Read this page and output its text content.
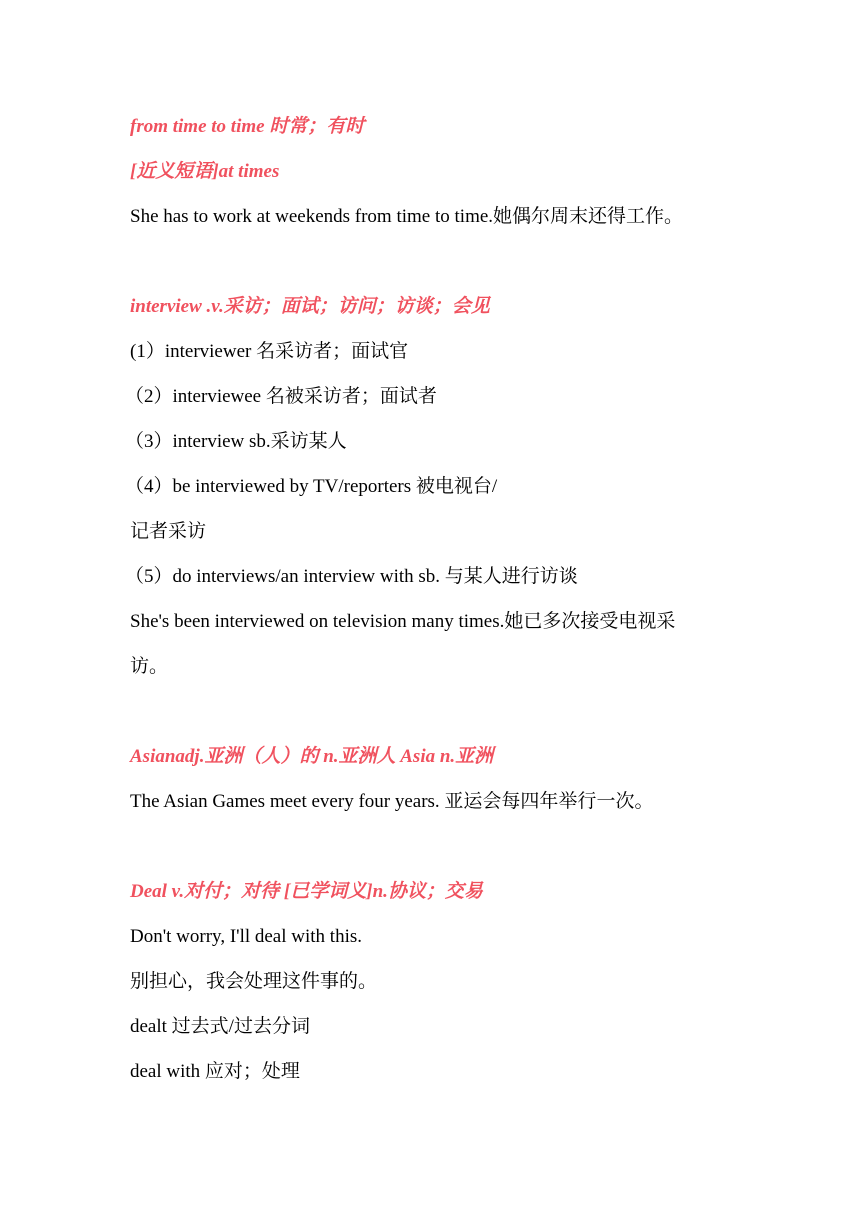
from time to time 时常；有时
[近义短语]at times
She has to work at weekends from time to time.她偶尔周末还得工作。
interview .v.采访；面试；访问；访谈；会见
(1）interviewer 名采访者；面试官
（2）interviewee 名被采访者；面试者
（3）interview sb.采访某人
（4）be interviewed by TV/reporters 被电视台/
记者采访
（5）do interviews/an interview with sb. 与某人进行访谈
She's been interviewed on television many times.她已多次接受电视采
访。
Asianadj.亚洲（人）的 n.亚洲人 Asia n.亚洲
The Asian Games meet every four years. 亚运会每四年举行一次。
Deal v.对付；对待 [已学词义]n.协议；交易
Don't worry, I'll deal with this.
别担心，我会处理这件事的。
dealt 过去式/过去分词
deal with 应对；处理
